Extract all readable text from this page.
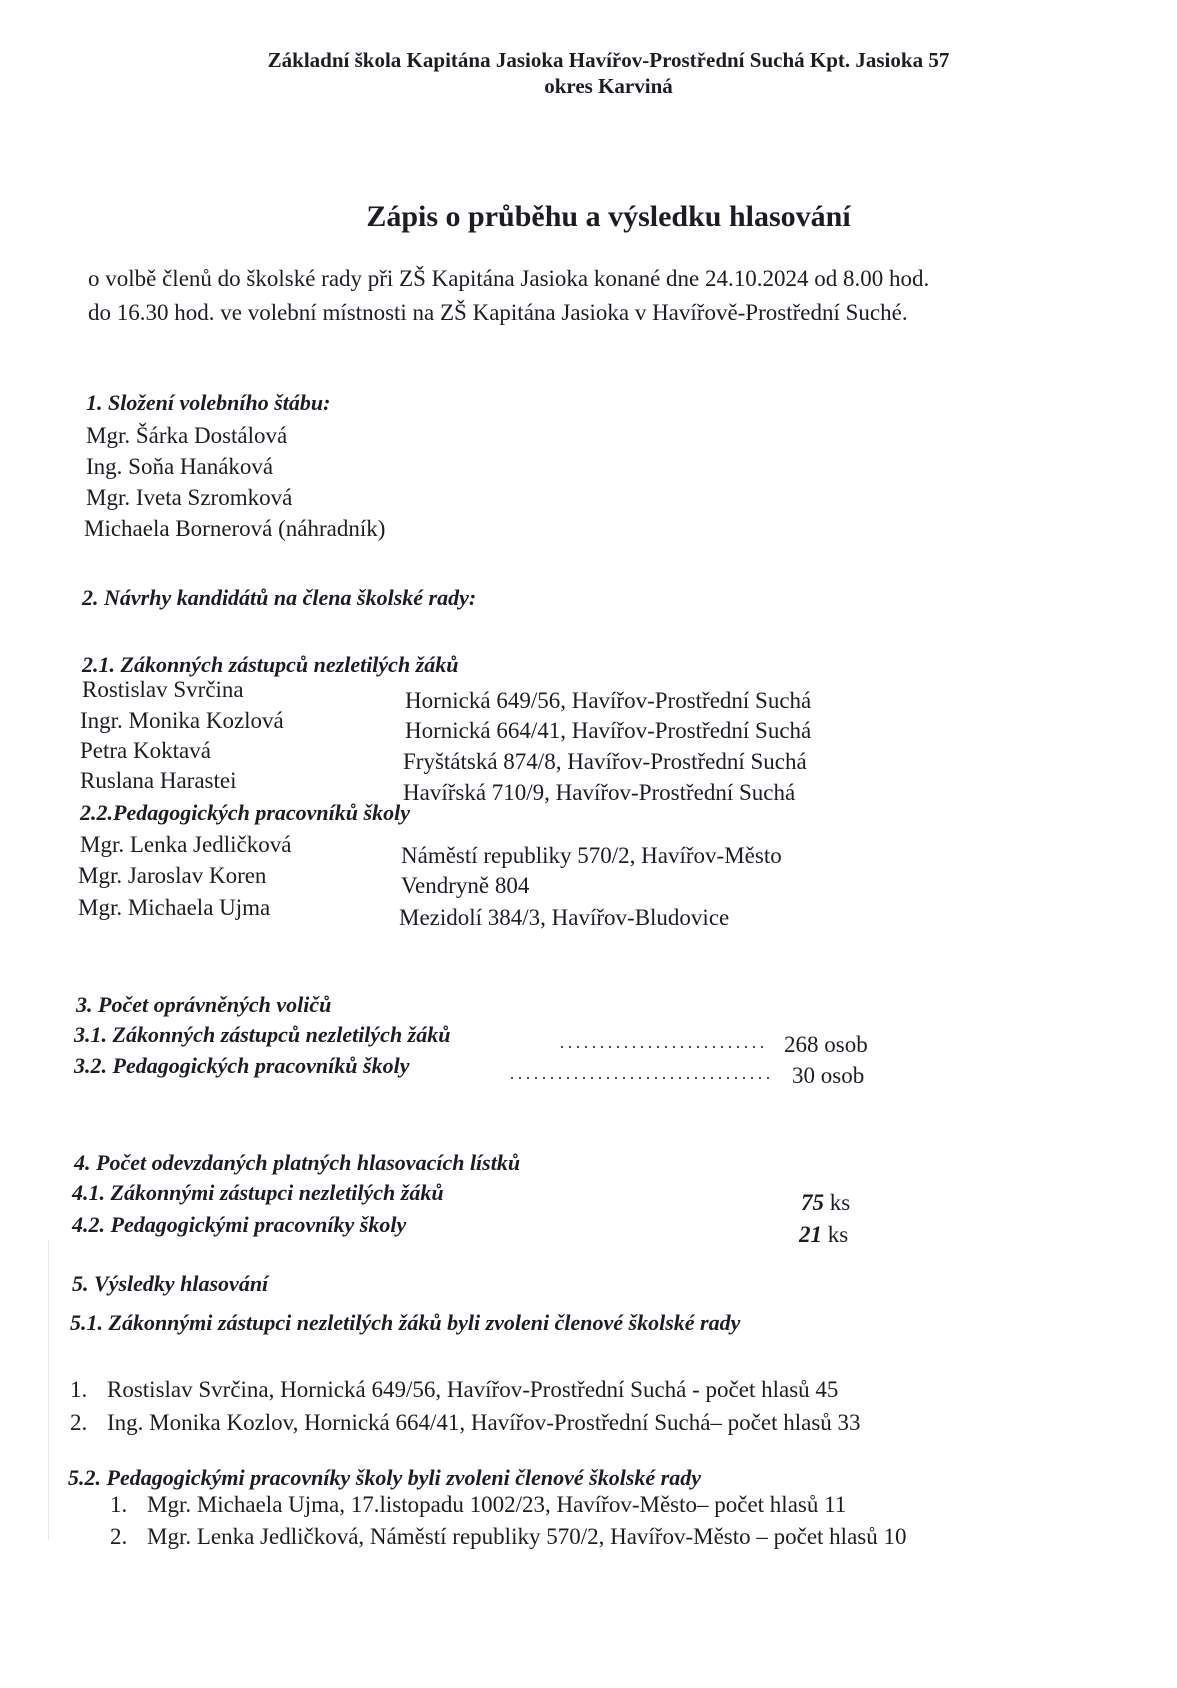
Základní škola Kapitána Jasioka Havířov-Prostřední Suchá Kpt. Jasioka 57
okres Karviná
Zápis o průběhu a výsledku hlasování
o volbě členů do školské rady při ZŠ Kapitána Jasioka konané dne 24.10.2024 od 8.00 hod.
do 16.30 hod. ve volební místnosti na ZŠ Kapitána Jasioka v Havířově-Prostřední Suché.
1. Složení volebního štábu:
Mgr. Šárka Dostálová
Ing. Soňa Hanáková
Mgr. Iveta Szromková
Michaela Bornerová (náhradník)
2. Návrhy kandidátů na člena školské rady:
2.1. Zákonných zástupců nezletilých žáků
Rostislav Svrčina	Hornická 649/56, Havířov-Prostřední Suchá
Ingr. Monika Kozlová	Hornická 664/41, Havířov-Prostřední Suchá
Petra Koktavá	Fryštátská 874/8, Havířov-Prostřední Suchá
Ruslana Harastei	Havířská 710/9, Havířov-Prostřední Suchá
2.2.Pedagogických pracovníků školy
Mgr. Lenka Jedličková	Náměstí republiky 570/2, Havířov-Město
Mgr. Jaroslav Koren	Vendryně 804
Mgr. Michaela Ujma	Mezidolí 384/3, Havířov-Bludovice
3. Počet oprávněných voličů
3.1. Zákonných zástupců nezletilých žáků	268 osob
3.2. Pedagogických pracovníků školy	30 osob
4. Počet odevzdaných platných hlasovacích lístků
4.1. Zákonnými zástupci nezletilých žáků	75 ks
4.2. Pedagogickými pracovníky školy	21 ks
5. Výsledky hlasování
5.1. Zákonnými zástupci nezletilých žáků byli zvoleni členové školské rady
1. Rostislav Svrčina, Hornická 649/56, Havířov-Prostřední Suchá - počet hlasů 45
2. Ing. Monika Kozlov, Hornická 664/41, Havířov-Prostřední Suchá– počet hlasů 33
5.2. Pedagogickými pracovníky školy byli zvoleni členové školské rady
1. Mgr. Michaela Ujma, 17.listopadu 1002/23, Havířov-Město– počet hlasů 11
2. Mgr. Lenka Jedličková, Náměstí republiky 570/2, Havířov-Město – počet hlasů 10
